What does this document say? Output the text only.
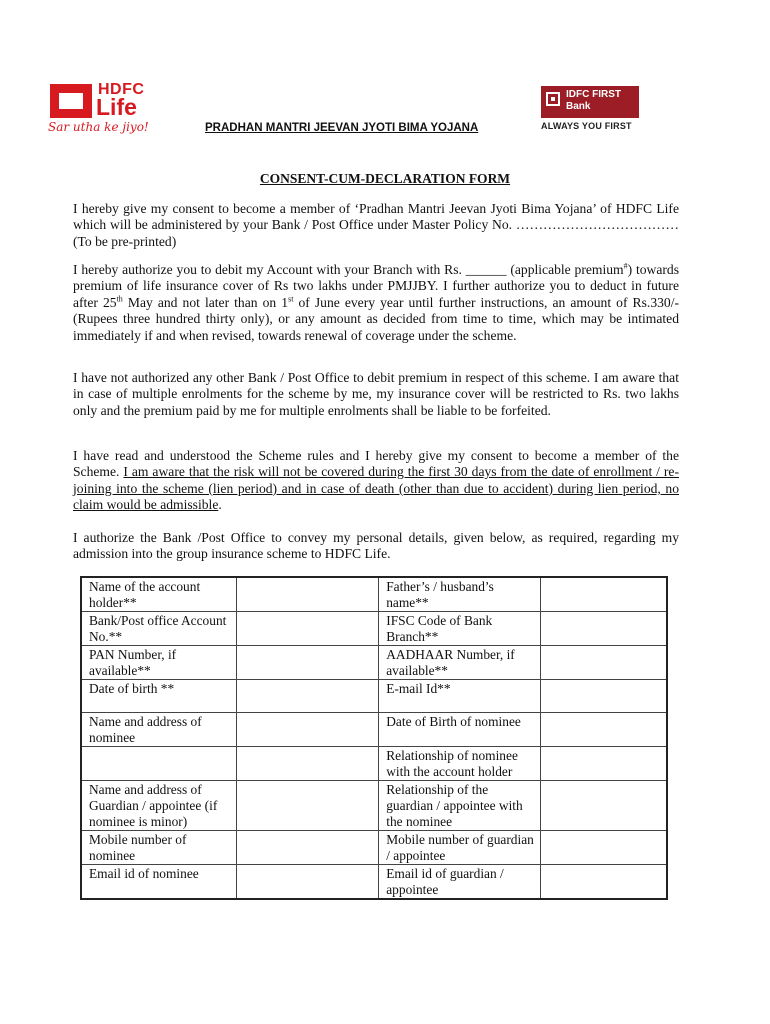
HDFC
Life
Sar utha ke jiyo!
IDFC FIRST
Bank
ALWAYS YOU FIRST
PRADHAN MANTRI JEEVAN JYOTI BIMA YOJANA
CONSENT-CUM-DECLARATION FORM

I hereby give my consent to become a member of ‘Pradhan Mantri Jeevan Jyoti Bima Yojana’ of HDFC Life which will be administered by your Bank / Post Office under Master Policy No. ……………………………… (To be pre-printed)

I hereby authorize you to debit my Account with your Branch with Rs. ______ (applicable premium#) towards premium of life insurance cover of Rs two lakhs under PMJJBY. I further authorize you to deduct in future after 25th May and not later than on 1st of June every year until further instructions, an amount of Rs.330/- (Rupees three hundred thirty only), or any amount as decided from time to time, which may be intimated immediately if and when revised, towards renewal of coverage under the scheme.

I have not authorized any other Bank / Post Office to debit premium in respect of this scheme. I am aware that in case of multiple enrolments for the scheme by me, my insurance cover will be restricted to Rs. two lakhs only and the premium paid by me for multiple enrolments shall be liable to be forfeited.

I have read and understood the Scheme rules and I hereby give my consent to become a member of the Scheme. I am aware that the risk will not be covered during the first 30 days from the date of enrollment / re-joining into the scheme (lien period) and in case of death (other than due to accident) during lien period, no claim would be admissible.

I authorize the Bank /Post Office to convey my personal details, given below, as required, regarding my admission into the group insurance scheme to HDFC Life.

Name of the account holder**		Father’s / husband’s name**	
Bank/Post office Account No.**		IFSC Code of Bank Branch**	
PAN Number, if available**		AADHAAR Number, if available**	
Date of birth **		E-mail Id**	
Name and address of nominee		Date of Birth of nominee	
		Relationship of nominee with the account holder	
Name and address of Guardian / appointee (if nominee is minor)		Relationship of the guardian / appointee with the nominee	
Mobile number of nominee		Mobile number of guardian / appointee	
Email id of nominee		Email id of guardian / appointee	
